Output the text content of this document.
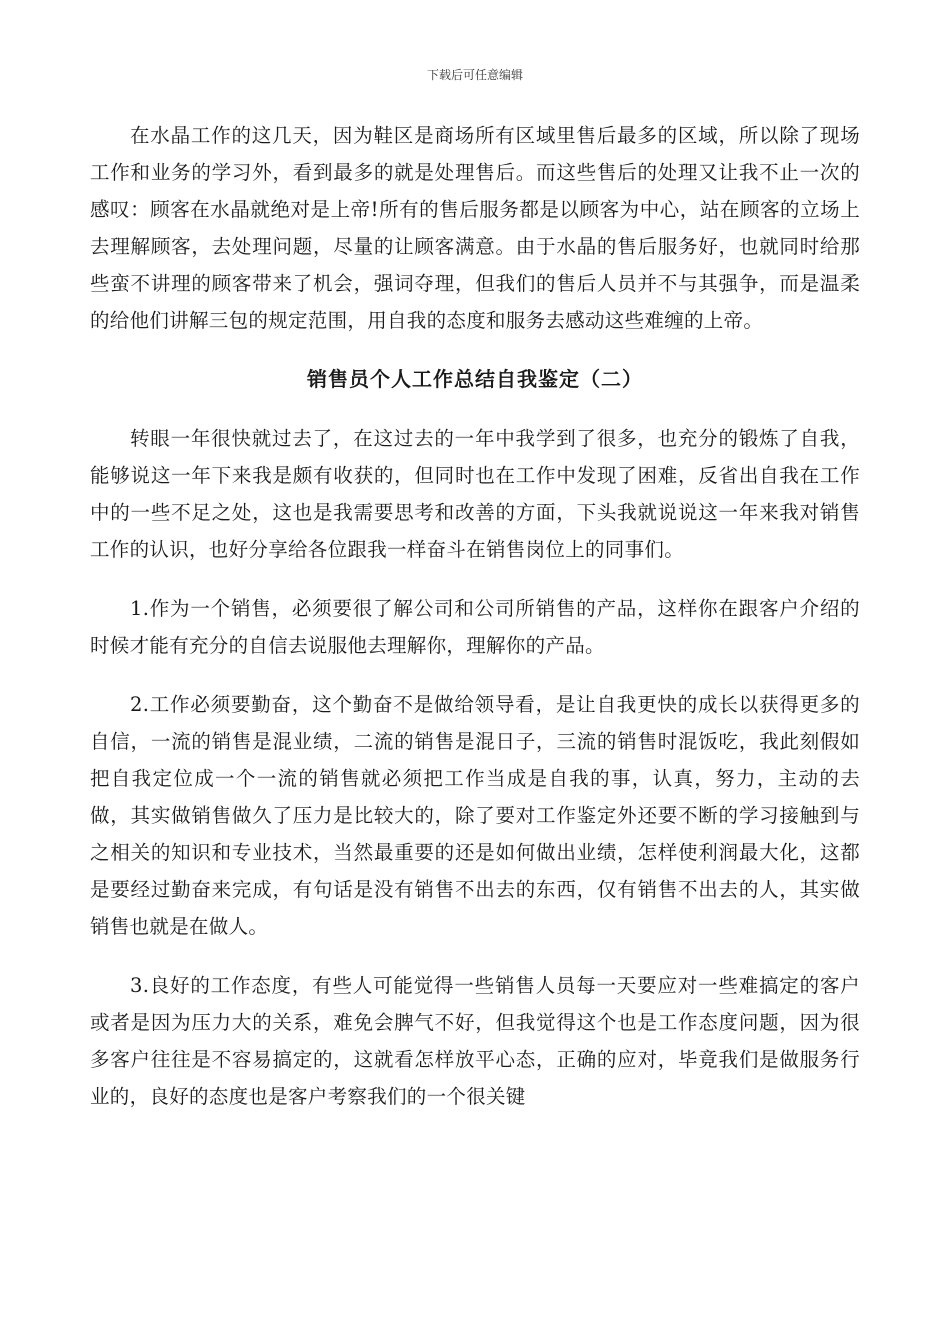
下载后可任意编辑

在水晶工作的这几天，因为鞋区是商场所有区域里售后最多的区域，所以除了现场工作和业务的学习外，看到最多的就是处理售后。而这些售后的处理又让我不止一次的感叹：顾客在水晶就绝对是上帝!所有的售后服务都是以顾客为中心，站在顾客的立场上去理解顾客，去处理问题，尽量的让顾客满意。由于水晶的售后服务好，也就同时给那些蛮不讲理的顾客带来了机会，强词夺理，但我们的售后人员并不与其强争，而是温柔的给他们讲解三包的规定范围，用自我的态度和服务去感动这些难缠的上帝。

销售员个人工作总结自我鉴定（二）

转眼一年很快就过去了，在这过去的一年中我学到了很多，也充分的锻炼了自我，能够说这一年下来我是颇有收获的，但同时也在工作中发现了困难，反省出自我在工作中的一些不足之处，这也是我需要思考和改善的方面，下头我就说说这一年来我对销售工作的认识，也好分享给各位跟我一样奋斗在销售岗位上的同事们。

1.作为一个销售，必须要很了解公司和公司所销售的产品，这样你在跟客户介绍的时候才能有充分的自信去说服他去理解你，理解你的产品。

2.工作必须要勤奋，这个勤奋不是做给领导看，是让自我更快的成长以获得更多的自信，一流的销售是混业绩，二流的销售是混日子，三流的销售时混饭吃，我此刻假如把自我定位成一个一流的销售就必须把工作当成是自我的事，认真，努力，主动的去做，其实做销售做久了压力是比较大的，除了要对工作鉴定外还要不断的学习接触到与之相关的知识和专业技术，当然最重要的还是如何做出业绩，怎样使利润最大化，这都是要经过勤奋来完成，有句话是没有销售不出去的东西，仅有销售不出去的人，其实做销售也就是在做人。

3.良好的工作态度，有些人可能觉得一些销售人员每一天要应对一些难搞定的客户或者是因为压力大的关系，难免会脾气不好，但我觉得这个也是工作态度问题，因为很多客户往往是不容易搞定的，这就看怎样放平心态，正确的应对，毕竟我们是做服务行业的，良好的态度也是客户考察我们的一个很关键
